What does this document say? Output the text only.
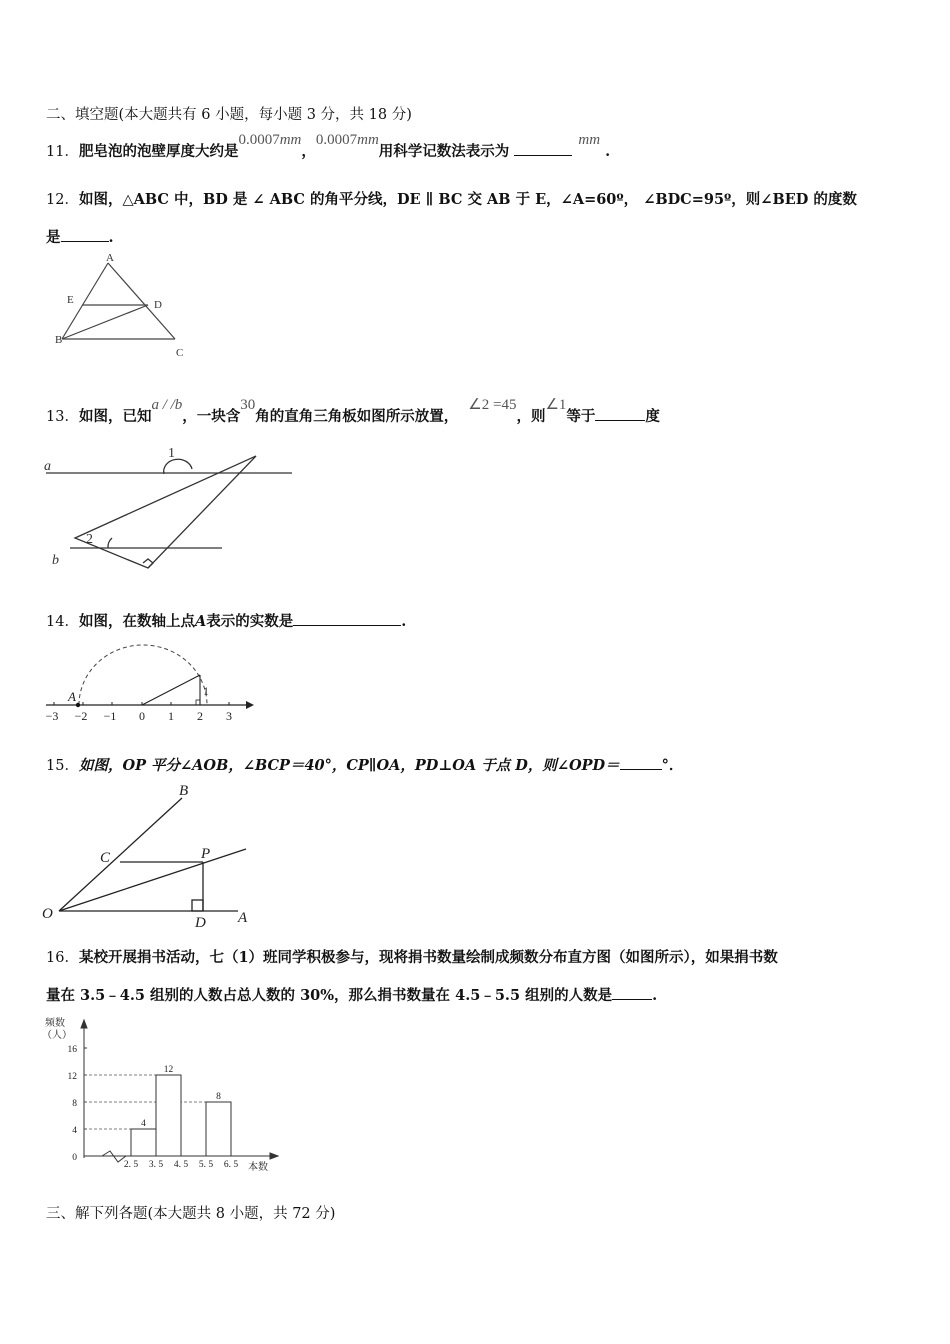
二、填空题(本大题共有 6 小题，每小题 3 分，共 18 分)
11．肥皂泡的泡壁厚度大约是0.0007mm，0.0007mm用科学记数法表示为 mm .
12．如图，△ABC 中，BD 是 ∠ ABC 的角平分线，DE ∥ BC 交 AB 于 E，∠A=60º， ∠BDC=95º，则∠BED 的度数
是	.
A
E	D
B
C
13．如图，已知a / /b，一块含30角的直角三角板如图所示放置，∠2 =45，则∠1等于	度
a
b
1
2
14．如图，在数轴上点A表示的实数是	.
A	1
−3 −2 −1 0 1 2 3
15．如图，OP 平分∠AOB，∠BCP＝40°，CP∥OA，PD⊥OA 于点 D，则∠OPD＝	°．
O	A
B
C	P
D
16．某校开展捐书活动，七（1）班同学积极参与，现将捐书数量绘制成频数分布直方图（如图所示），如果捐书数
量在 3.5﹣4.5 组别的人数占总人数的 30%，那么捐书数量在 4.5﹣5.5 组别的人数是	.
频数
（人）
本数
0
4
8
12
16
2. 5 3. 5 4. 5 5. 5 6. 5
4
12
8
三、解下列各题(本大题共 8 小题，共 72 分)
